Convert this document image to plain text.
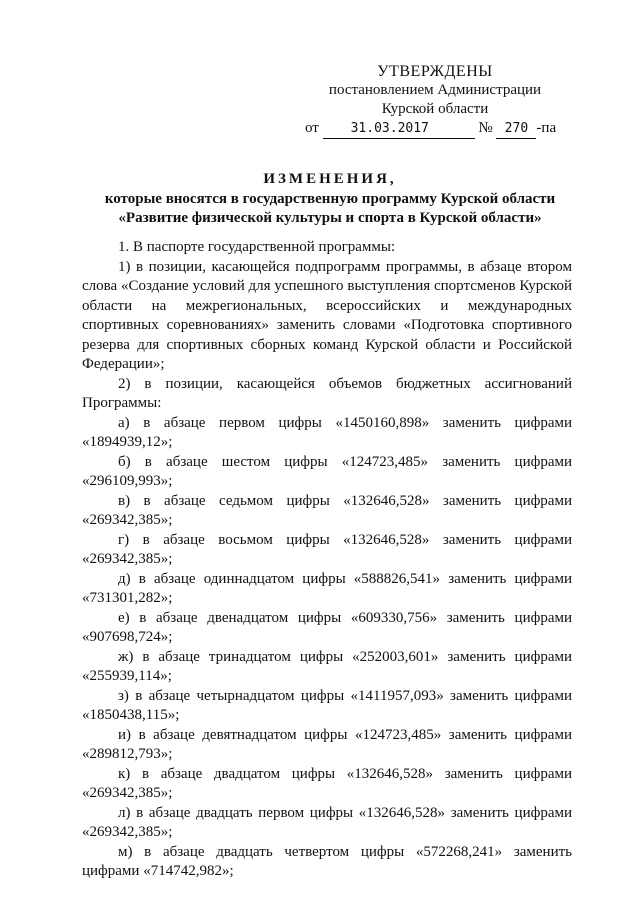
УТВЕРЖДЕНЫ
постановлением Администрации
Курской области
от
	31.03.2017
	№
270 -па
ИЗМЕНЕНИЯ,
которые вносятся в государственную программу Курской области
«Развитие физической культуры и спорта в Курской области»

1. В паспорте государственной программы:

1) в позиции, касающейся подпрограмм программы, в абзаце втором слова «Создание условий для успешного выступления спортсменов Курской области на межрегиональных, всероссийских и международных спортивных соревнованиях» заменить словами «Подготовка спортивного резерва для спортивных сборных команд Курской области и Российской Федерации»;

2) в позиции, касающейся объемов бюджетных ассигнований Программы:

а) в абзаце первом цифры «1450160,898» заменить цифрами «1894939,12»;

б) в абзаце шестом цифры «124723,485» заменить цифрами «296109,993»;

в) в абзаце седьмом цифры «132646,528» заменить цифрами «269342,385»;

г) в абзаце восьмом цифры «132646,528» заменить цифрами «269342,385»;

д) в абзаце одиннадцатом цифры «588826,541» заменить цифрами «731301,282»;

е) в абзаце двенадцатом цифры «609330,756» заменить цифрами «907698,724»;

ж) в абзаце тринадцатом цифры «252003,601» заменить цифрами «255939,114»;

з) в абзаце четырнадцатом цифры «1411957,093» заменить цифрами «1850438,115»;

и) в абзаце девятнадцатом цифры «124723,485» заменить цифрами «289812,793»;

к) в абзаце двадцатом цифры «132646,528» заменить цифрами «269342,385»;

л) в абзаце двадцать первом цифры «132646,528» заменить цифрами «269342,385»;

м) в абзаце двадцать четвертом цифры «572268,241» заменить цифрами «714742,982»;
